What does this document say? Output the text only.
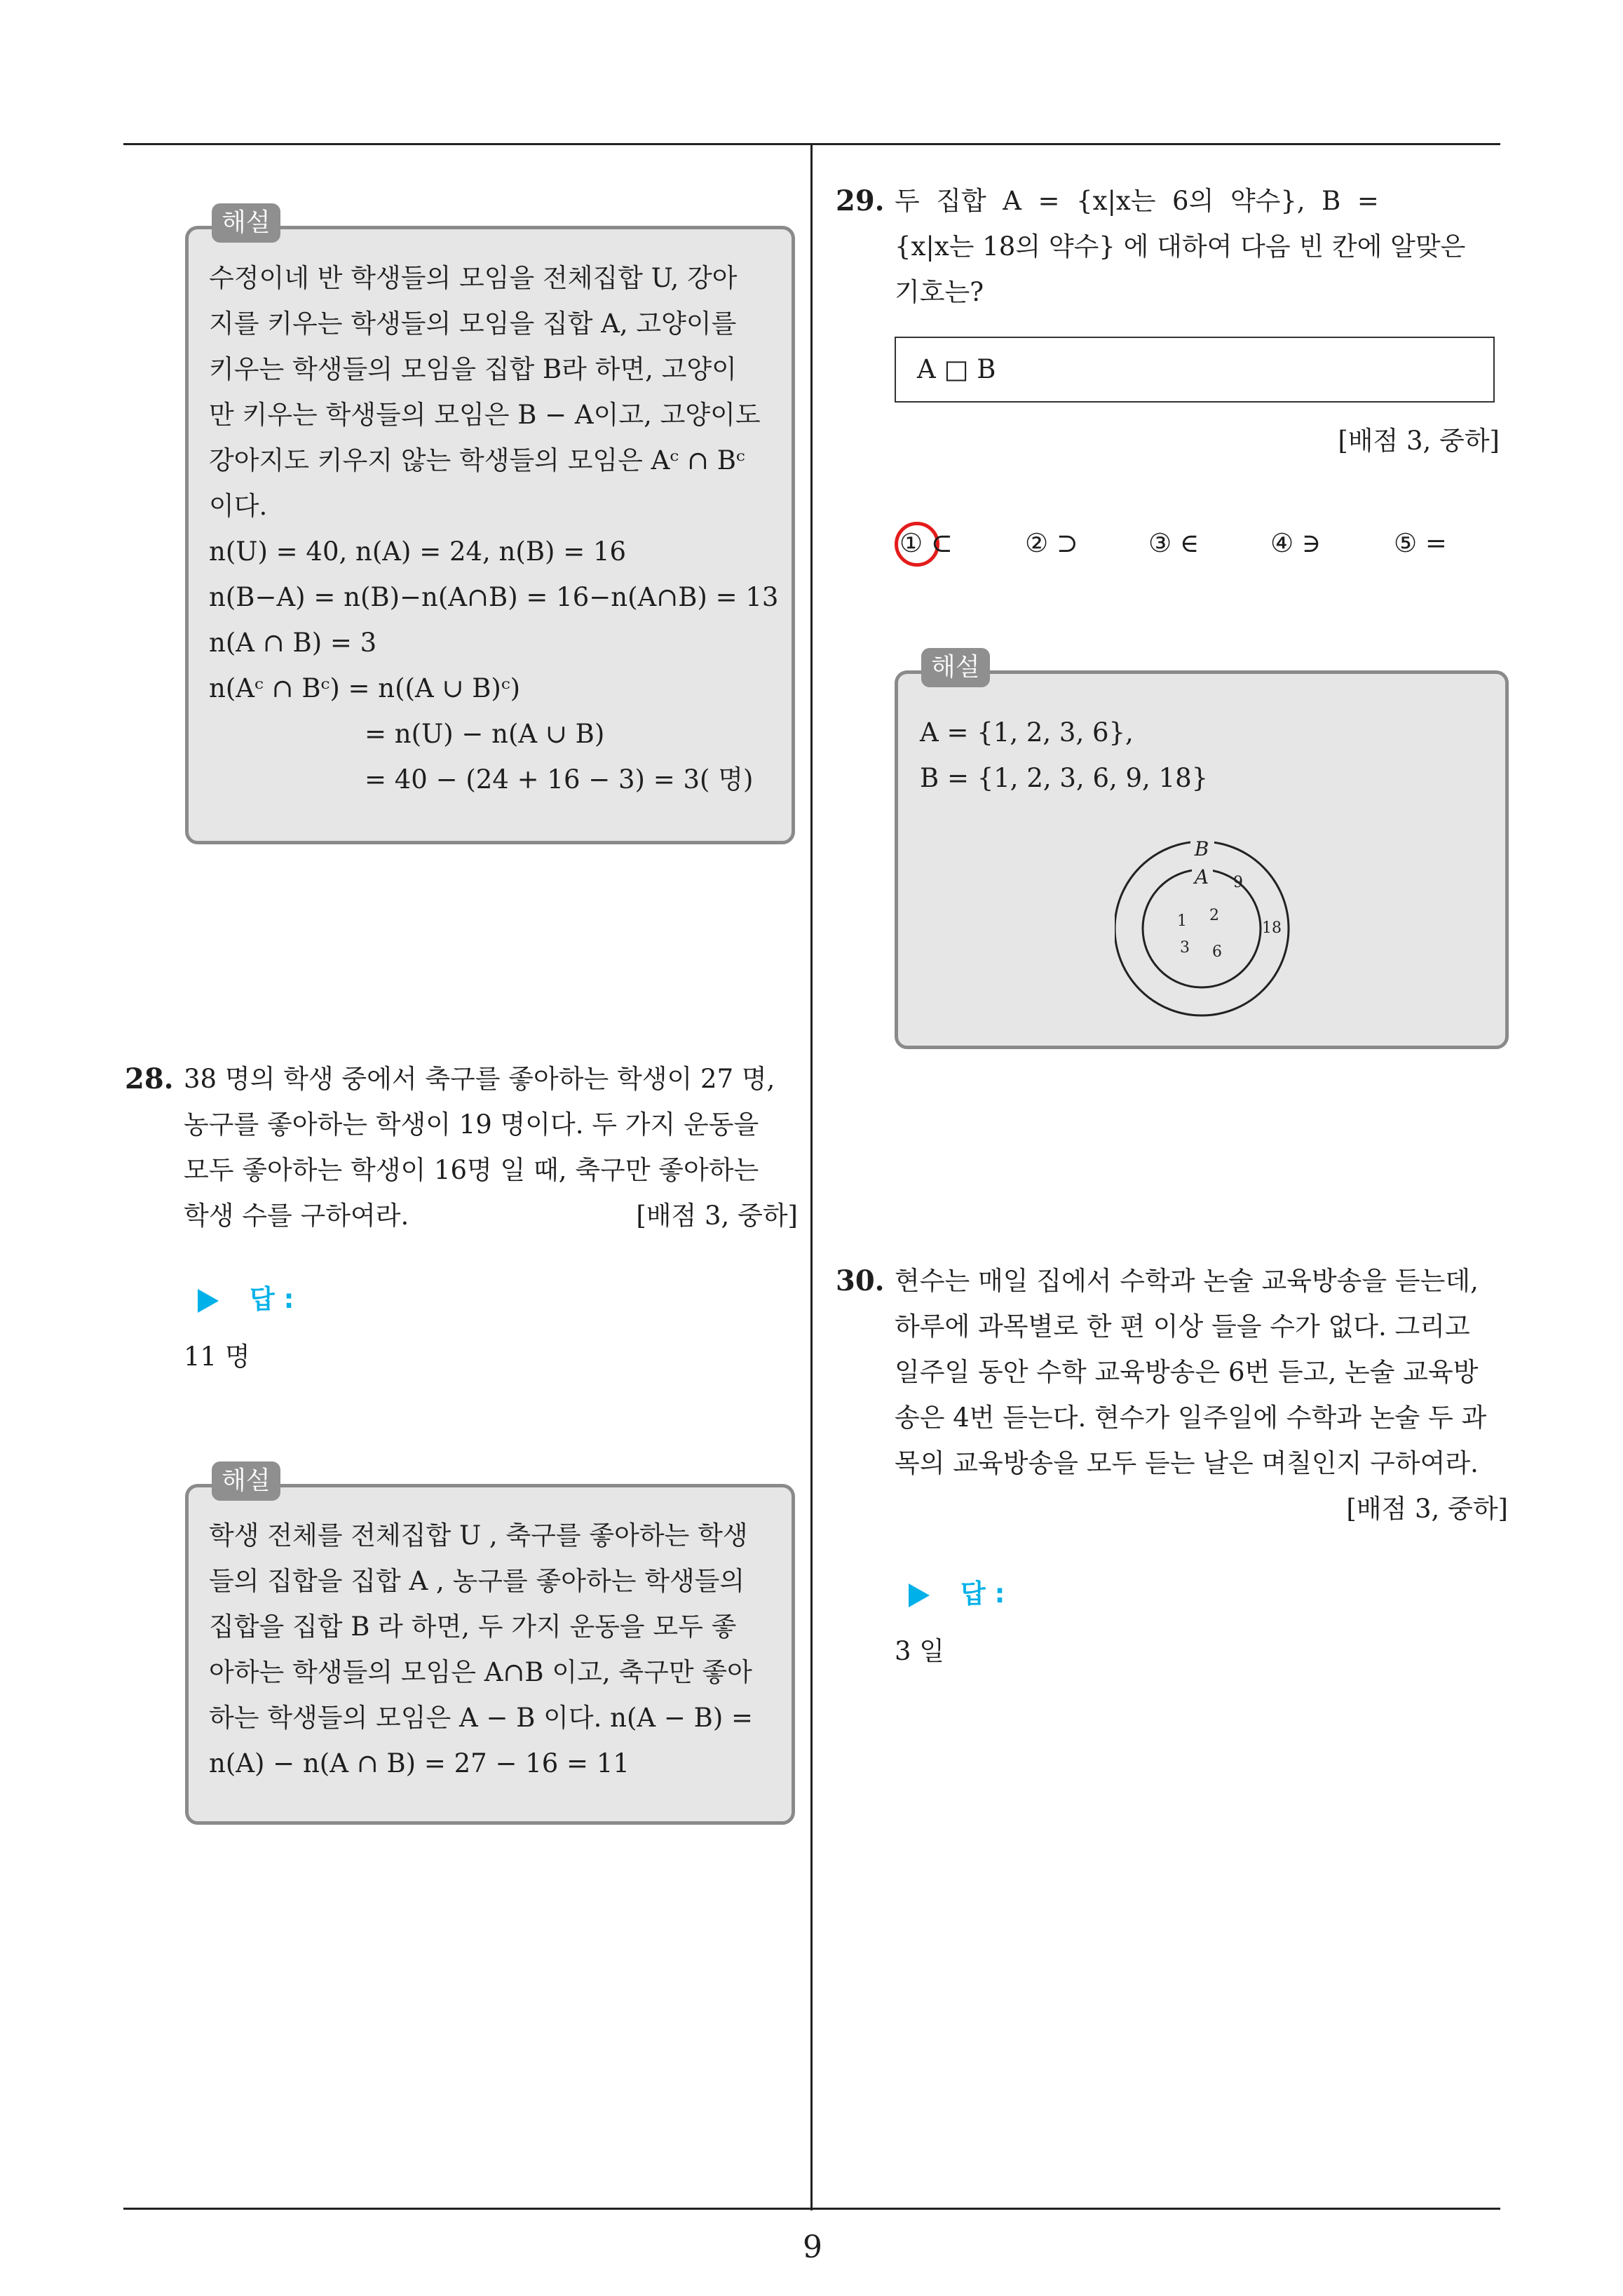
해설
수정이네 반 학생들의 모임을 전체집합 U, 강아
지를 키우는 학생들의 모임을 집합 A, 고양이를
키우는 학생들의 모임을 집합 B라 하면, 고양이
만 키우는 학생들의 모임은 B − A이고, 고양이도
강아지도 키우지 않는 학생들의 모임은 Aᶜ ∩ Bᶜ
이다.
n(U) = 40, n(A) = 24, n(B) = 16
n(B−A) = n(B)−n(A∩B) = 16−n(A∩B) = 13
n(A ∩ B) = 3
n(Aᶜ ∩ Bᶜ) = n((A ∪ B)ᶜ)
= n(U) − n(A ∪ B)
= 40 − (24 + 16 − 3) = 3( 명)
28. 38 명의 학생 중에서 축구를 좋아하는 학생이 27 명,
농구를 좋아하는 학생이 19 명이다. 두 가지 운동을
모두 좋아하는 학생이 16명 일 때, 축구만 좋아하는
학생 수를 구하여라.	[배점 3, 중하]
답 :
11 명
해설
학생 전체를 전체집합 U , 축구를 좋아하는 학생
들의 집합을 집합 A , 농구를 좋아하는 학생들의
집합을 집합 B 라 하면, 두 가지 운동을 모두 좋
아하는 학생들의 모임은 A∩B 이고, 축구만 좋아
하는 학생들의 모임은 A − B 이다. n(A − B) =
n(A) − n(A ∩ B) = 27 − 16 = 11
29. 두  집합  A  =  {x|x는  6의  약수},  B  =
{x|x는 18의 약수} 에 대하여 다음 빈 칸에 알맞은
기호는?
A □ B
[배점 3, 중하]
① ⊂	② ⊃	③ ∈	④ ∋	⑤ =
해설
A = {1, 2, 3, 6},
B = {1, 2, 3, 6, 9, 18}
B
A
1 2
3 6
9
18
30. 현수는 매일 집에서 수학과 논술 교육방송을 듣는데,
하루에 과목별로 한 편 이상 들을 수가 없다. 그리고
일주일 동안 수학 교육방송은 6번 듣고, 논술 교육방
송은 4번 듣는다. 현수가 일주일에 수학과 논술 두 과
목의 교육방송을 모두 듣는 날은 며칠인지 구하여라.
[배점 3, 중하]
답 :
3 일
9
